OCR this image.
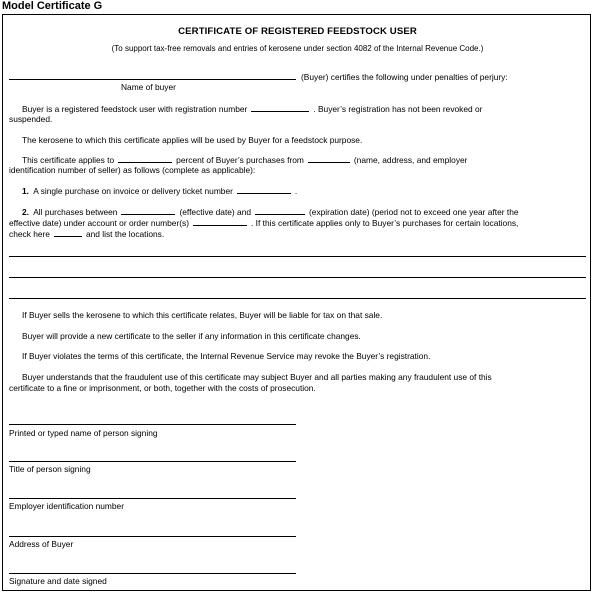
Model Certificate G
CERTIFICATE OF REGISTERED FEEDSTOCK USER
(To support tax-free removals and entries of kerosene under section 4082 of the Internal Revenue Code.)
(Buyer) certifies the following under penalties of perjury:
Name of buyer
Buyer is a registered feedstock user with registration number	. Buyer’s registration has not been revoked or
suspended.
The kerosene to which this certificate applies will be used by Buyer for a feedstock purpose.
This certificate applies to	percent of Buyer’s purchases from	(name, address, and employer
identification number of seller) as follows (complete as applicable):
1. A single purchase on invoice or delivery ticket number	.
2. All purchases between	(effective date) and	(expiration date) (period not to exceed one year after the
effective date) under account or order number(s)	. If this certificate applies only to Buyer’s purchases for certain locations,
check here	and list the locations.
If Buyer sells the kerosene to which this certificate relates, Buyer will be liable for tax on that sale.
Buyer will provide a new certificate to the seller if any information in this certificate changes.
If Buyer violates the terms of this certificate, the Internal Revenue Service may revoke the Buyer’s registration.
Buyer understands that the fraudulent use of this certificate may subject Buyer and all parties making any fraudulent use of this
certificate to a fine or imprisonment, or both, together with the costs of prosecution.
Printed or typed name of person signing
Title of person signing
Employer identification number
Address of Buyer
Signature and date signed
